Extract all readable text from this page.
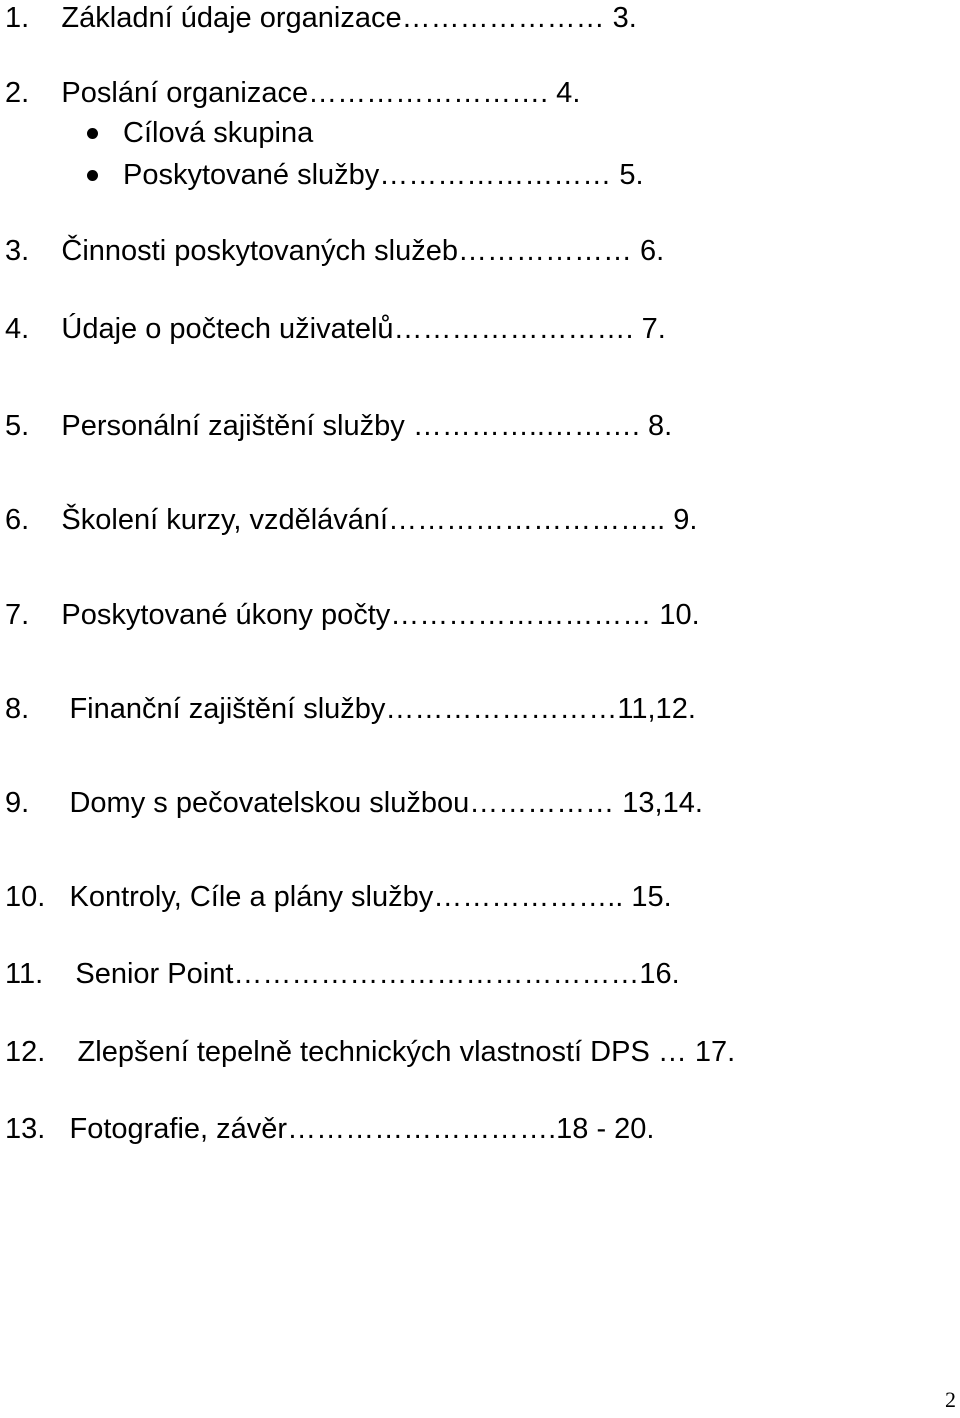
1.    Základní údaje organizace………………… 3.

2.    Poslání organizace……………………. 4.

Cílová skupina

Poskytované služby…………………… 5.

3.    Činnosti poskytovaných služeb……………… 6.

4.    Údaje o počtech uživatelů……………………. 7.

5.    Personální zajištění služby …………..………. 8.

6.    Školení kurzy, vzdělávání……………………….. 9.

7.    Poskytované úkony počty……………………… 10.

8.     Finanční zajištění služby……………………11,12.

9.     Domy s pečovatelskou službou…………… 13,14.

10.   Kontroly, Cíle a plány služby……………….. 15.

11.    Senior Point……………………………………16.

12.    Zlepšení tepelně technických vlastností DPS … 17.

13.   Fotografie, závěr……………………….18 - 20.

2
